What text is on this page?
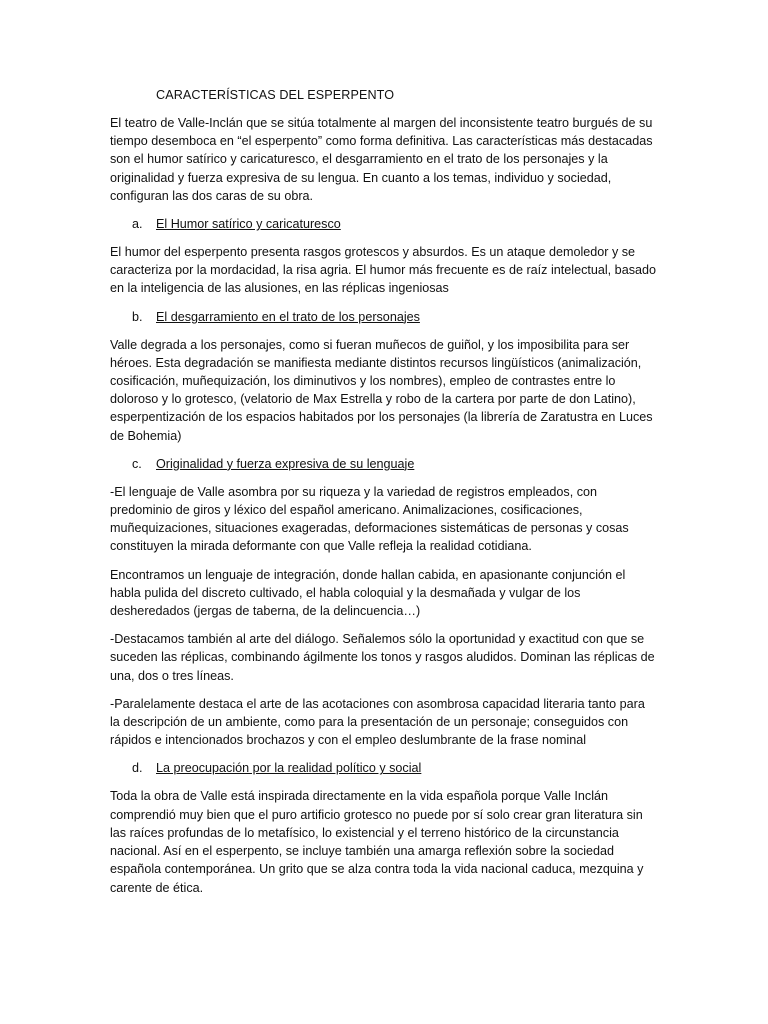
CARACTERÍSTICAS DEL ESPERPENTO

El teatro de Valle-Inclán que se sitúa totalmente al margen del inconsistente teatro burgués de su tiempo desemboca en “el esperpento” como forma definitiva. Las características más destacadas son el humor satírico y caricaturesco, el desgarramiento en el trato de los personajes y la originalidad y fuerza expresiva de su lengua. En cuanto a los temas, individuo y sociedad, configuran las dos caras de su obra.

a.	El Humor satírico y caricaturesco

El humor del esperpento presenta rasgos grotescos y absurdos. Es un ataque demoledor y se caracteriza por la mordacidad, la risa agria. El humor más frecuente es de raíz intelectual, basado en la inteligencia de las alusiones, en las réplicas ingeniosas

b.	El desgarramiento en el trato de los personajes

Valle degrada a los personajes, como si fueran muñecos de guiñol, y los imposibilita para ser héroes. Esta degradación se manifiesta mediante distintos recursos lingüísticos (animalización, cosificación, muñequización, los diminutivos y los nombres), empleo de contrastes entre lo doloroso y lo grotesco, (velatorio de Max Estrella y robo de la cartera por parte de don Latino), esperpentización de los espacios habitados por los personajes (la librería de Zaratustra en Luces de Bohemia)

c.	Originalidad y fuerza expresiva de su lenguaje

-El lenguaje de Valle asombra por su riqueza y la variedad de registros empleados, con predominio de giros y léxico del español americano. Animalizaciones, cosificaciones, muñequizaciones, situaciones exageradas, deformaciones sistemáticas de personas y cosas constituyen la mirada deformante con que Valle refleja la realidad cotidiana.

Encontramos un lenguaje de integración, donde hallan cabida, en apasionante conjunción el habla pulida del discreto cultivado, el habla coloquial y la desmañada y vulgar de los desheredados (jergas de taberna, de la delincuencia…)

-Destacamos también al arte del diálogo. Señalemos sólo la oportunidad y exactitud con que se suceden las réplicas, combinando ágilmente los tonos y rasgos aludidos. Dominan las réplicas de una, dos o tres líneas.

-Paralelamente destaca el arte de las acotaciones con asombrosa capacidad literaria tanto para la descripción de un ambiente, como para la presentación de un personaje; conseguidos con rápidos e intencionados brochazos y con el empleo deslumbrante de la frase nominal

d.	La preocupación por la realidad político y social

Toda la obra de Valle está inspirada directamente en la vida española porque Valle Inclán comprendió muy bien que el puro artificio grotesco no puede por sí solo crear gran literatura sin las raíces profundas de lo metafísico, lo existencial y el terreno histórico de la circunstancia nacional. Así en el esperpento, se incluye también una amarga reflexión sobre la sociedad española contemporánea. Un grito que se alza contra toda la vida nacional caduca, mezquina y carente de ética.
